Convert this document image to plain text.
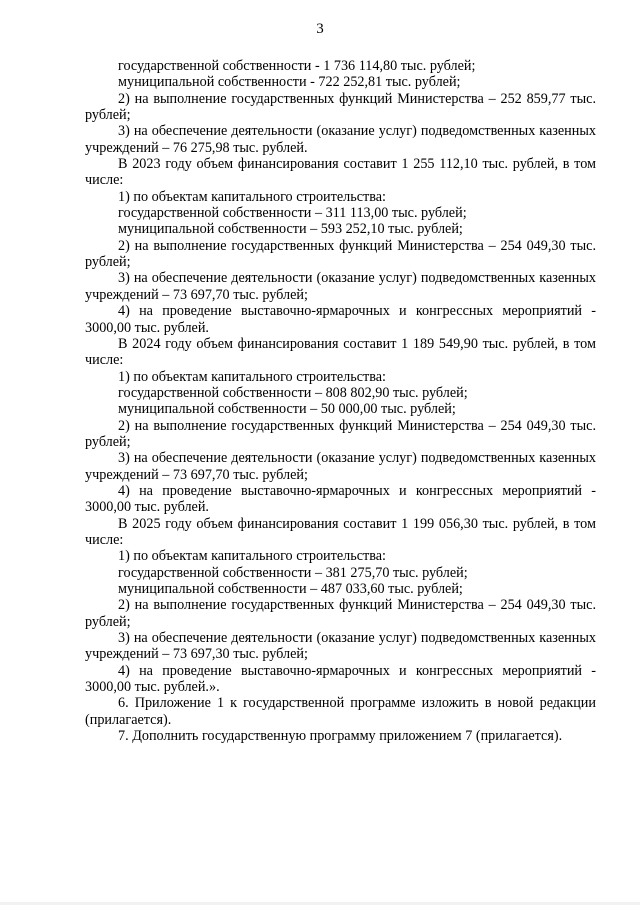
3

государственной собственности - 1 736 114,80 тыс. рублей;

муниципальной собственности - 722 252,81 тыс. рублей;

2) на выполнение государственных функций Министерства – 252 859,77 тыс. рублей;

3) на обеспечение деятельности (оказание услуг) подведомственных казенных учреждений – 76 275,98 тыс. рублей.

В 2023 году объем финансирования составит 1 255 112,10 тыс. рублей, в том числе:

1) по объектам капитального строительства:

государственной собственности – 311 113,00 тыс. рублей;

муниципальной собственности – 593 252,10 тыс. рублей;

2) на выполнение государственных функций Министерства – 254 049,30 тыс. рублей;

3) на обеспечение деятельности (оказание услуг) подведомственных казенных учреждений – 73 697,70 тыс. рублей;

4) на проведение выставочно-ярмарочных и конгрессных мероприятий - 3000,00 тыс. рублей.

В 2024 году объем финансирования составит 1 189 549,90 тыс. рублей, в том числе:

1) по объектам капитального строительства:

государственной собственности – 808 802,90 тыс. рублей;

муниципальной собственности – 50 000,00 тыс. рублей;

2) на выполнение государственных функций Министерства – 254 049,30 тыс. рублей;

3) на обеспечение деятельности (оказание услуг) подведомственных казенных учреждений – 73 697,70 тыс. рублей;

4) на проведение выставочно-ярмарочных и конгрессных мероприятий - 3000,00 тыс. рублей.

В 2025 году объем финансирования составит 1 199 056,30 тыс. рублей, в том числе:

1) по объектам капитального строительства:

государственной собственности – 381 275,70 тыс. рублей;

муниципальной собственности – 487 033,60 тыс. рублей;

2) на выполнение государственных функций Министерства – 254 049,30 тыс. рублей;

3) на обеспечение деятельности (оказание услуг) подведомственных казенных учреждений – 73 697,30 тыс. рублей;

4) на проведение выставочно-ярмарочных и конгрессных мероприятий - 3000,00 тыс. рублей.».

6. Приложение 1 к государственной программе изложить в новой редакции (прилагается).

7. Дополнить государственную программу приложением 7 (прилагается).
